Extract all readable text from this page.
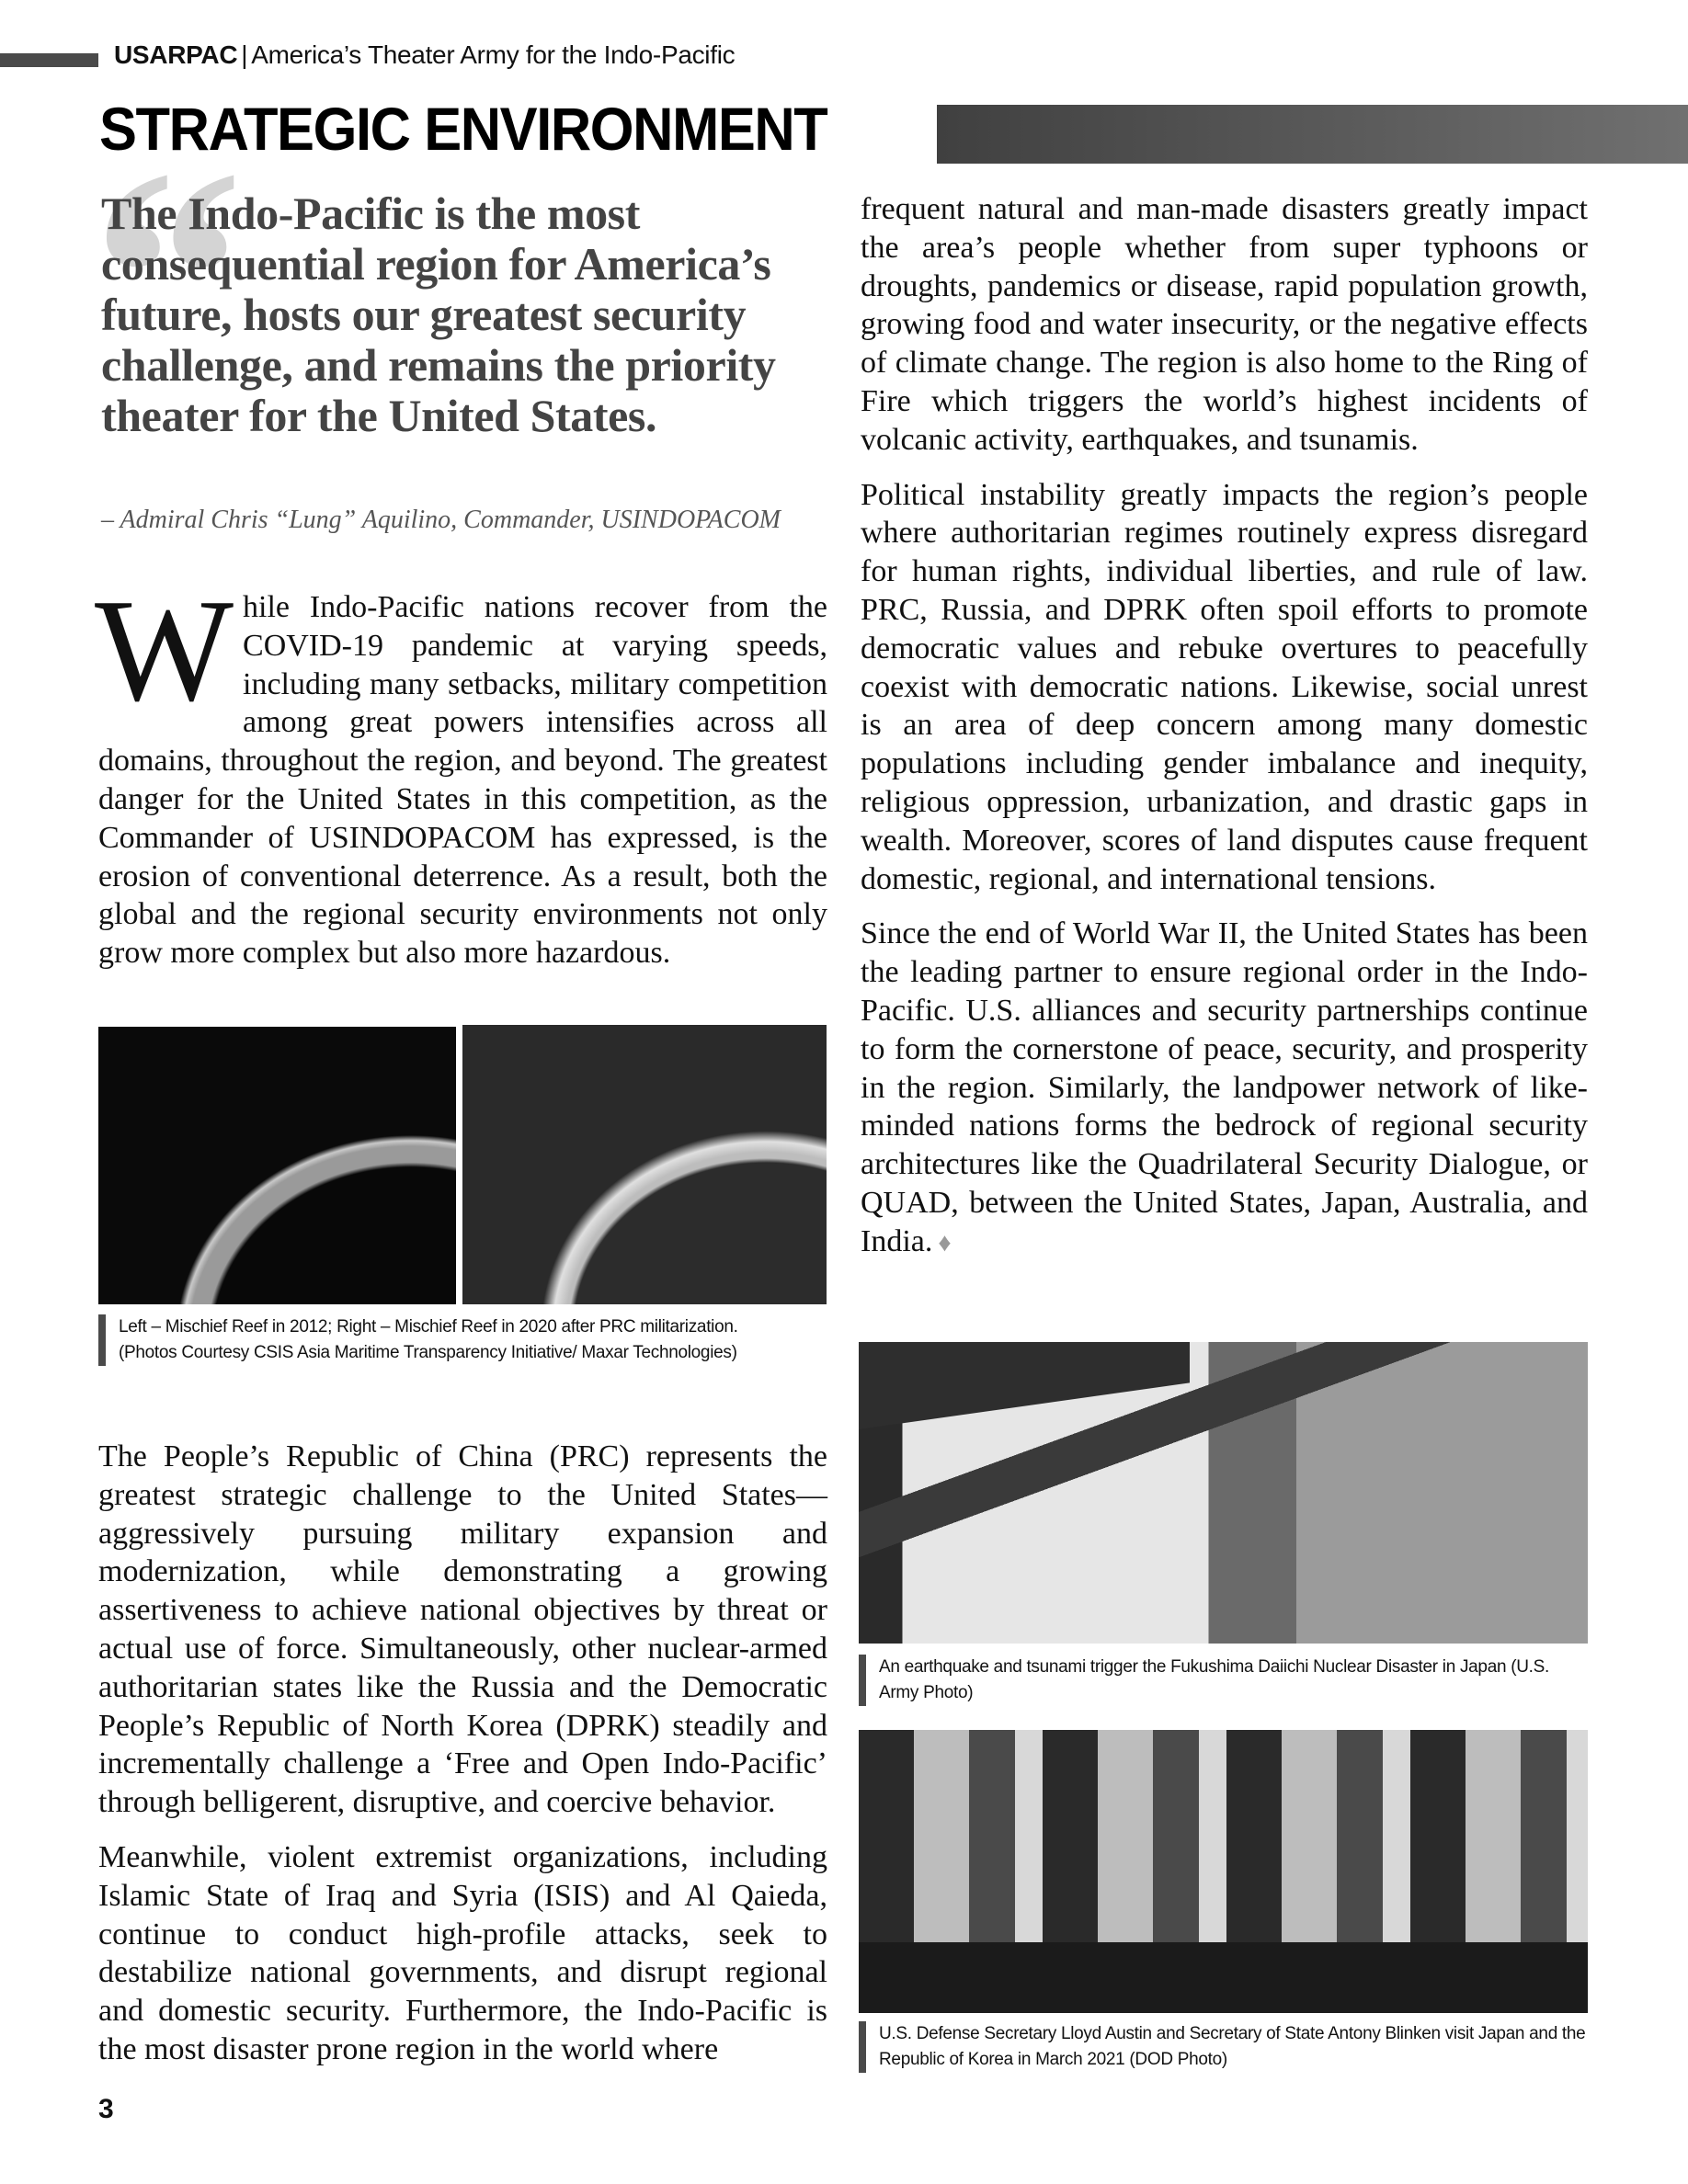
USARPAC | America’s Theater Army for the Indo-Pacific
STRATEGIC ENVIRONMENT
“
The Indo-Pacific is the most consequential region for America’s future, hosts our greatest security challenge, and remains the priority theater for the United States.
– Admiral Chris “Lung” Aquilino, Commander, USINDOPACOM

While Indo-Pacific nations recover from the COVID-19 pandemic at varying speeds, including many setbacks, military competition among great powers intensifies across all domains, throughout the region, and beyond. The greatest danger for the United States in this competition, as the Commander of USINDOPACOM has expressed, is the erosion of conventional deterrence. As a result, both the global and the regional security environments not only grow more complex but also more hazardous.

Left – Mischief Reef in 2012; Right – Mischief Reef in 2020 after PRC militarization. (Photos Courtesy CSIS Asia Maritime Transparency Initiative/ Maxar Technologies)

The People’s Republic of China (PRC) represents the greatest strategic challenge to the United States— aggressively pursuing military expansion and modernization, while demonstrating a growing assertiveness to achieve national objectives by threat or actual use of force. Simultaneously, other nuclear-armed authoritarian states like the Russia and the Democratic People’s Republic of North Korea (DPRK) steadily and incrementally challenge a ‘Free and Open Indo-Pacific’ through belligerent, disruptive, and coercive behavior.

Meanwhile, violent extremist organizations, including Islamic State of Iraq and Syria (ISIS) and Al Qaieda, continue to conduct high-profile attacks, seek to destabilize national governments, and disrupt regional and domestic security. Furthermore, the Indo-Pacific is the most disaster prone region in the world where

frequent natural and man-made disasters greatly impact the area’s people whether from super typhoons or droughts, pandemics or disease, rapid population growth, growing food and water insecurity, or the negative effects of climate change. The region is also home to the Ring of Fire which triggers the world’s highest incidents of volcanic activity, earthquakes, and tsunamis.

Political instability greatly impacts the region’s people where authoritarian regimes routinely express disregard for human rights, individual liberties, and rule of law. PRC, Russia, and DPRK often spoil efforts to promote democratic values and rebuke overtures to peacefully coexist with democratic nations. Likewise, social unrest is an area of deep concern among many domestic populations including gender imbalance and inequity, religious oppression, urbanization, and drastic gaps in wealth. Moreover, scores of land disputes cause frequent domestic, regional, and international tensions.

Since the end of World War II, the United States has been the leading partner to ensure regional order in the Indo-Pacific. U.S. alliances and security partnerships continue to form the cornerstone of peace, security, and prosperity in the region. Similarly, the landpower network of like-minded nations forms the bedrock of regional security architectures like the Quadrilateral Security Dialogue, or QUAD, between the United States, Japan, Australia, and India. ♦

An earthquake and tsunami trigger the Fukushima Daiichi Nuclear Disaster in Japan (U.S. Army Photo)
U.S. Defense Secretary Lloyd Austin and Secretary of State Antony Blinken visit Japan and the Republic of Korea in March 2021 (DOD Photo)
3
